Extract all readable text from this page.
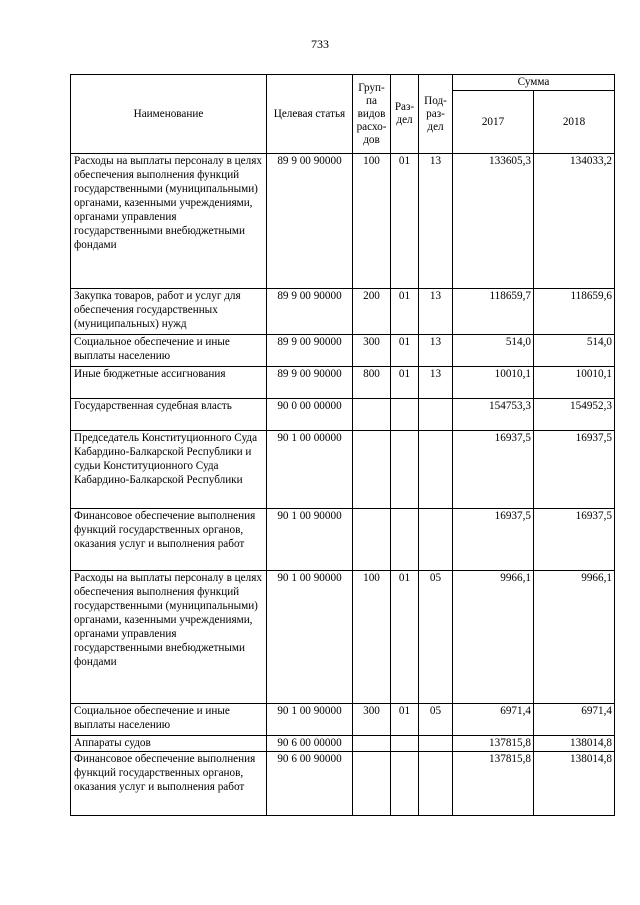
733
Наименование	Целевая статья	Груп-па видов расхо-дов	Раз-дел	Под-раз-дел	Сумма	
					2017	2018
Расходы на выплаты персоналу в целях обеспечения выполнения функций государственными (муниципальными) органами, казенными учреждениями, органами управления государственными внебюджетными фондами	89 9 00 90000	100	01	13	133605,3	134033,2
Закупка товаров, работ и услуг для обеспечения государственных (муниципальных) нужд	89 9 00 90000	200	01	13	118659,7	118659,6
Социальное обеспечение и иные выплаты населению	89 9 00 90000	300	01	13	514,0	514,0
Иные бюджетные ассигнования	89 9 00 90000	800	01	13	10010,1	10010,1
Государственная судебная власть	90 0 00 00000				154753,3	154952,3
Председатель Конституционного Суда Кабардино-Балкарской Республики и судьи Конституционного Суда Кабардино-Балкарской Республики	90 1 00 00000				16937,5	16937,5
Финансовое обеспечение выполнения функций государственных органов, оказания услуг и выполнения работ	90 1 00 90000				16937,5	16937,5
Расходы на выплаты персоналу в целях обеспечения выполнения функций государственными (муниципальными) органами, казенными учреждениями, органами управления государственными внебюджетными фондами	90 1 00 90000	100	01	05	9966,1	9966,1
Социальное обеспечение и иные выплаты населению	90 1 00 90000	300	01	05	6971,4	6971,4
Аппараты судов	90 6 00 00000				137815,8	138014,8
Финансовое обеспечение выполнения функций государственных органов, оказания услуг и выполнения работ	90 6 00 90000				137815,8	138014,8
